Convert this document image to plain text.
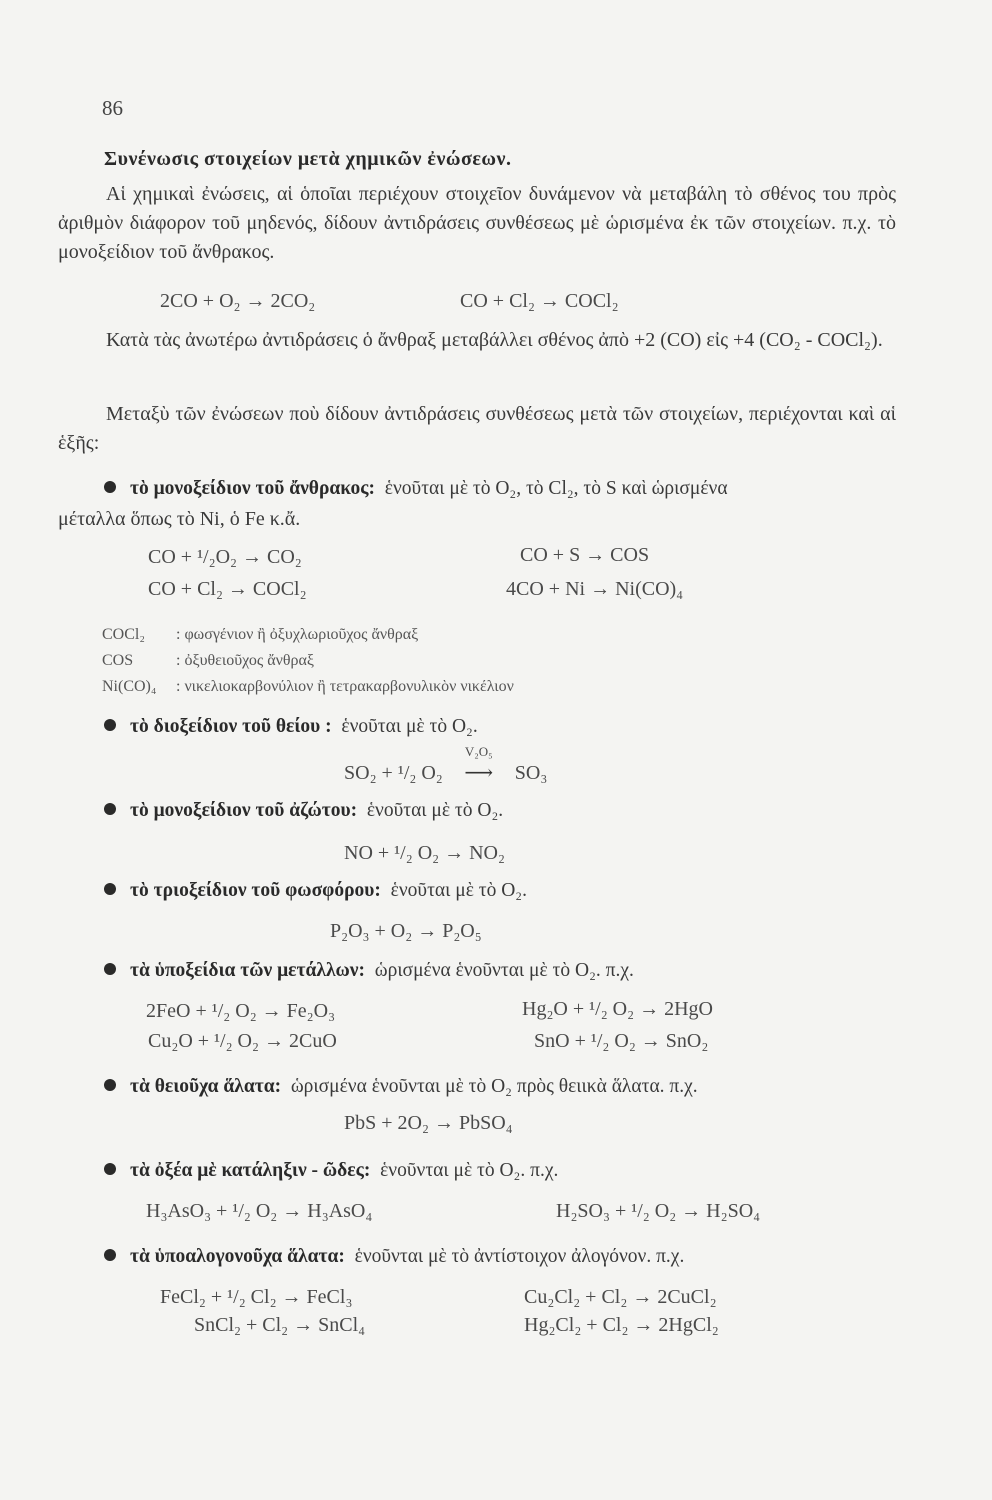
86
Συνένωσις στοιχείων μετὰ χημικῶν ἐνώσεων.
Αἱ χημικαὶ ἐνώσεις, αἱ ὁποῖαι περιέχουν στοιχεῖον δυνάμενον νὰ μεταβάλη τὸ σθένος του πρὸς ἀριθμὸν διάφορον τοῦ μηδενός, δίδουν ἀντιδράσεις συνθέσεως μὲ ὡρισμένα ἐκ τῶν στοιχείων. π.χ. τὸ μονοξείδιον τοῦ ἄνθρακος.
2CO + O₂ → 2CO₂	CO + Cl₂ → COCl₂
Κατὰ τὰς ἀνωτέρω ἀντιδράσεις ὁ ἄνθραξ μεταβάλλει σθένος ἀπὸ +2 (CO) εἰς +4 (CO₂ - COCl₂).
Μεταξὺ τῶν ἐνώσεων ποὺ δίδουν ἀντιδράσεις συνθέσεως μετὰ τῶν στοιχείων, περιέχονται καὶ αἱ ἑξῆς:
τὸ μονοξείδιον τοῦ ἄνθρακος: ἑνοῦται μὲ τὸ O₂, τὸ Cl₂, τὸ S καὶ ὡρισμένα
μέταλλα ὅπως τὸ Ni, ὁ Fe κ.ἄ.
CO + ¹/₂O₂ → CO₂	CO + S → COS
CO + Cl₂ → COCl₂	4CO + Ni → Ni(CO)₄
COCl₂ : φωσγένιον ἢ ὀξυχλωριοῦχος ἄνθραξ
COS	: ὀξυθειοῦχος ἄνθραξ
Ni(CO)₄ : νικελιοκαρβονύλιον ἢ τετρακαρβονυλικὸν νικέλιον
τὸ διοξείδιον τοῦ θείου : ἑνοῦται μὲ τὸ O₂.
SO₂ + ¹/₂ O₂
V₂O₅
⟶ SO₃
τὸ μονοξείδιον τοῦ ἀζώτου: ἑνοῦται μὲ τὸ O₂.
NO + ¹/₂ O₂ → NO₂
τὸ τριοξείδιον τοῦ φωσφόρου: ἑνοῦται μὲ τὸ O₂.
P₂O₃ + O₂ → P₂O₅
τὰ ὑποξείδια τῶν μετάλλων: ὡρισμένα ἑνοῦνται μὲ τὸ O₂. π.χ.
2FeO + ¹/₂ O₂ → Fe₂O₃	Hg₂O + ¹/₂ O₂ → 2HgO
Cu₂O + ¹/₂ O₂ → 2CuO	SnO + ¹/₂ O₂ → SnO₂
τὰ θειοῦχα ἅλατα: ὡρισμένα ἑνοῦνται μὲ τὸ O₂ πρὸς θειικὰ ἅλατα. π.χ.
PbS + 2O₂ → PbSO₄
τὰ ὀξέα μὲ κατάληξιν - ῶδες: ἑνοῦνται μὲ τὸ O₂. π.χ.
H₃AsO₃ + ¹/₂ O₂ → H₃AsO₄	H₂SO₃ + ¹/₂ O₂ → H₂SO₄
τὰ ὑποαλογονοῦχα ἅλατα: ἑνοῦνται μὲ τὸ ἀντίστοιχον ἀλογόνον. π.χ.
FeCl₂ + ¹/₂ Cl₂ → FeCl₃	Cu₂Cl₂ + Cl₂ → 2CuCl₂
SnCl₂ + Cl₂ → SnCl₄	Hg₂Cl₂ + Cl₂ → 2HgCl₂
